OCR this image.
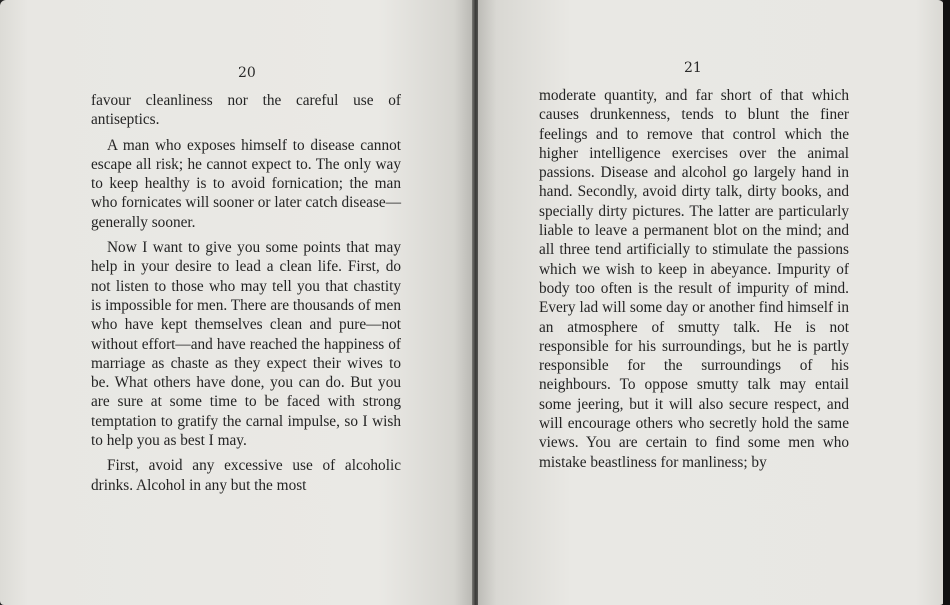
20

favour cleanliness nor the careful use of antiseptics.

A man who exposes himself to disease cannot escape all risk; he cannot expect to. The only way to keep healthy is to avoid fornication; the man who fornicates will sooner or later catch disease—generally sooner.

Now I want to give you some points that may help in your desire to lead a clean life. First, do not listen to those who may tell you that chastity is impossible for men. There are thousands of men who have kept themselves clean and pure—not without effort—and have reached the happiness of marriage as chaste as they expect their wives to be. What others have done, you can do. But you are sure at some time to be faced with strong temptation to gratify the carnal impulse, so I wish to help you as best I may.

First, avoid any excessive use of alcoholic drinks. Alcohol in any but the most

21

moderate quantity, and far short of that which causes drunkenness, tends to blunt the finer feelings and to remove that control which the higher intelligence exercises over the animal passions. Disease and alcohol go largely hand in hand. Secondly, avoid dirty talk, dirty books, and specially dirty pictures. The latter are particularly liable to leave a permanent blot on the mind; and all three tend artificially to stimulate the passions which we wish to keep in abeyance. Impurity of body too often is the result of impurity of mind. Every lad will some day or another find himself in an atmosphere of smutty talk. He is not responsible for his surroundings, but he is partly responsible for the surroundings of his neighbours. To oppose smutty talk may entail some jeering, but it will also secure respect, and will encourage others who secretly hold the same views. You are certain to find some men who mistake beastliness for manliness; by
